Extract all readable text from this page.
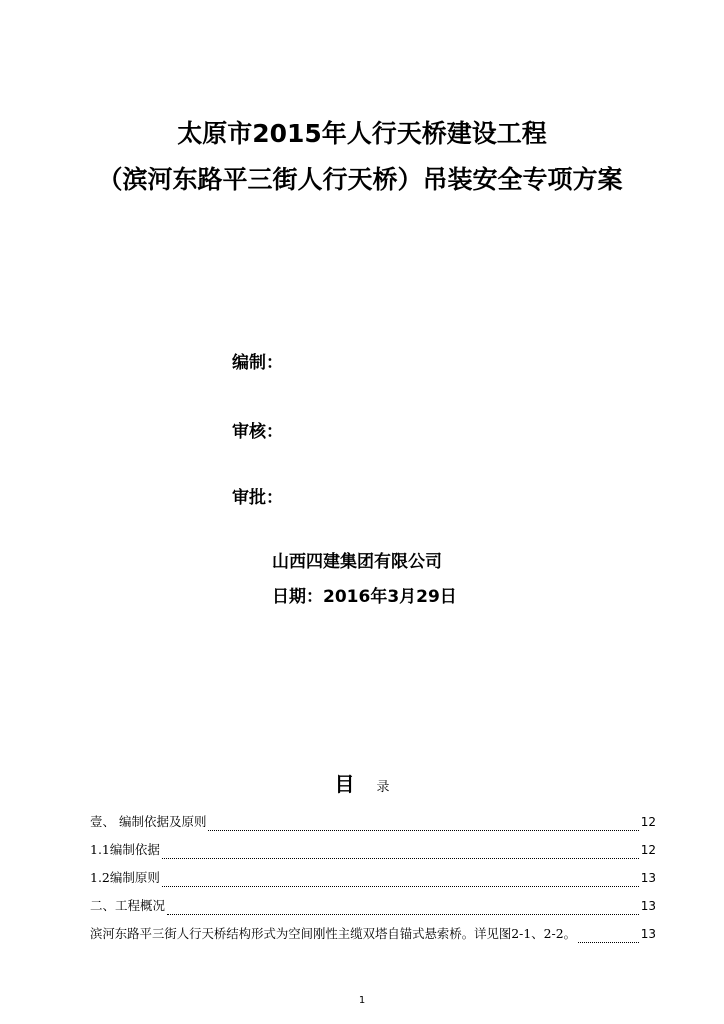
太原市2015年人行天桥建设工程
（滨河东路平三街人行天桥）吊装安全专项方案
编制：
审核：
审批：
山西四建集团有限公司
日期：2016年3月29日
目 录
壹、 编制依据及原则	12
1.1编制依据	12
1.2编制原则	13
二、工程概况	13
滨河东路平三街人行天桥结构形式为空间刚性主缆双塔自锚式悬索桥。详见图2-1、2-2。	13
1
